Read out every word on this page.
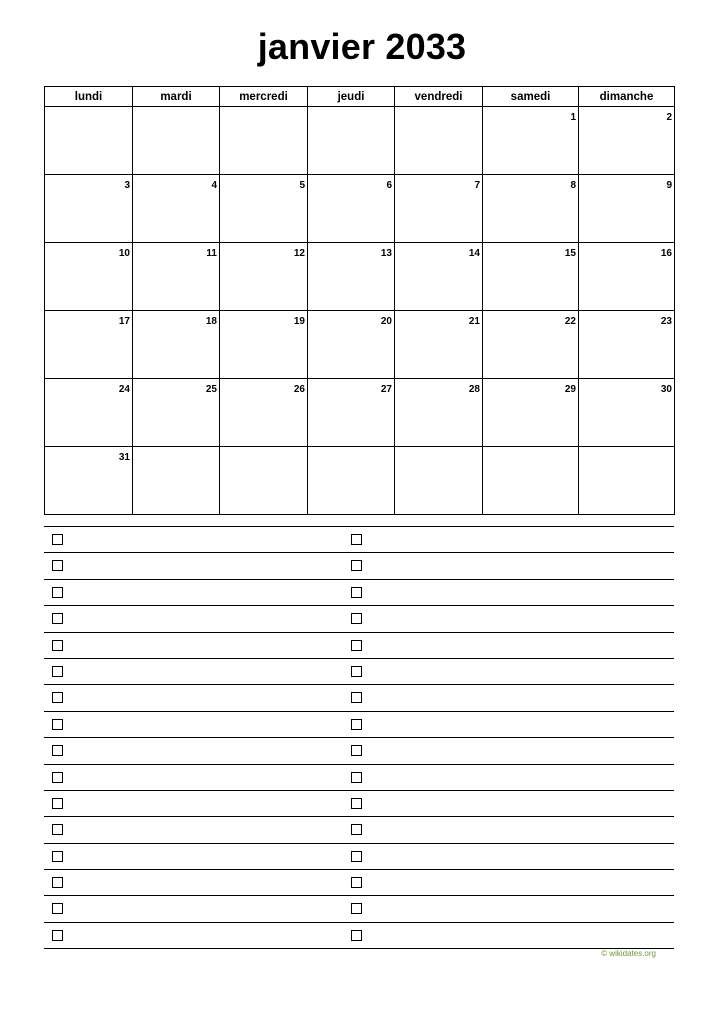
janvier 2033
lundi	mardi	mercredi	jeudi	vendredi	samedi	dimanche
					1	2
3	4	5	6	7	8	9
10	11	12	13	14	15	16
17	18	19	20	21	22	23
24	25	26	27	28	29	30
31						
© wikidates.org
